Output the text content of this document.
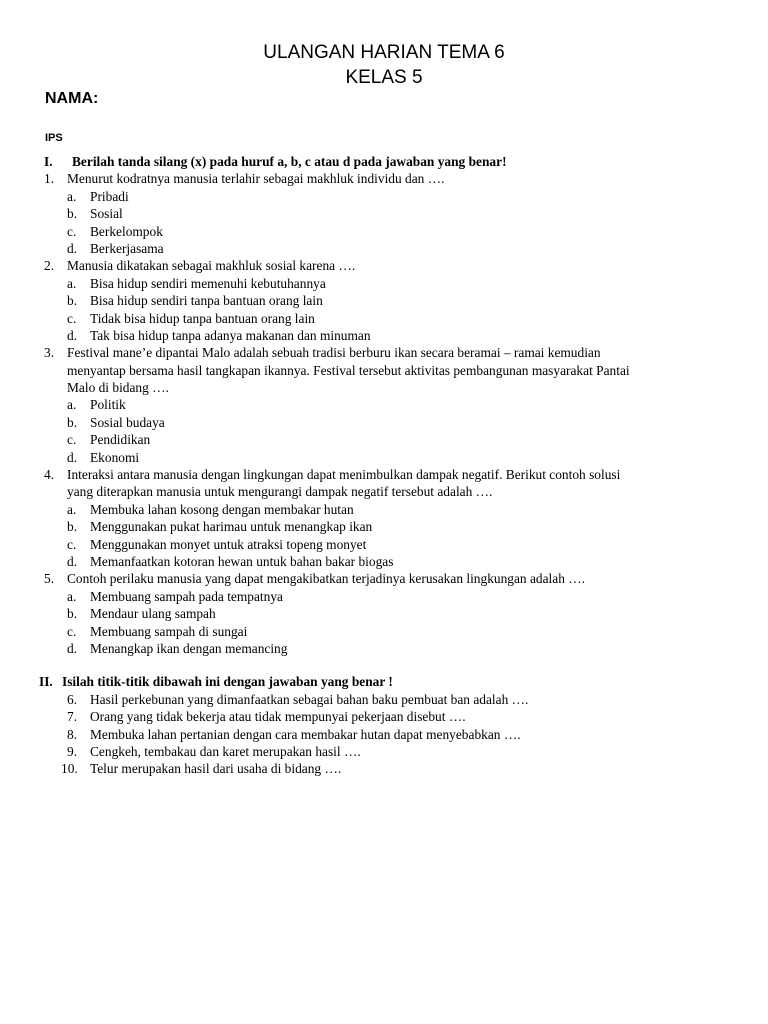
ULANGAN HARIAN TEMA 6
KELAS 5
NAMA:
IPS
I. Berilah tanda silang (x) pada huruf a, b, c atau d pada jawaban yang benar!
1. Menurut kodratnya manusia terlahir sebagai makhluk individu dan ….
a. Pribadi
b. Sosial
c. Berkelompok
d. Berkerjasama
2. Manusia dikatakan sebagai makhluk sosial karena ….
a. Bisa hidup sendiri memenuhi kebutuhannya
b. Bisa hidup sendiri tanpa bantuan orang lain
c. Tidak bisa hidup tanpa bantuan orang lain
d. Tak bisa hidup tanpa adanya makanan dan minuman
3. Festival mane’e dipantai Malo adalah sebuah tradisi berburu ikan secara beramai – ramai kemudian
menyantap bersama hasil tangkapan ikannya. Festival tersebut aktivitas pembangunan masyarakat Pantai
Malo di bidang ….
a. Politik
b. Sosial budaya
c. Pendidikan
d. Ekonomi
4. Interaksi antara manusia dengan lingkungan dapat menimbulkan dampak negatif. Berikut contoh solusi
yang diterapkan manusia untuk mengurangi dampak negatif tersebut adalah ….
a. Membuka lahan kosong dengan membakar hutan
b. Menggunakan pukat harimau untuk menangkap ikan
c. Menggunakan monyet untuk atraksi topeng monyet
d. Memanfaatkan kotoran hewan untuk bahan bakar biogas
5. Contoh perilaku manusia yang dapat mengakibatkan terjadinya kerusakan lingkungan adalah ….
a. Membuang sampah pada tempatnya
b. Mendaur ulang sampah
c. Membuang sampah di sungai
d. Menangkap ikan dengan memancing
II. Isilah titik-titik dibawah ini dengan jawaban yang benar !
6. Hasil perkebunan yang dimanfaatkan sebagai bahan baku pembuat ban adalah ….
7. Orang yang tidak bekerja atau tidak mempunyai pekerjaan disebut ….
8. Membuka lahan pertanian dengan cara membakar hutan dapat menyebabkan ….
9. Cengkeh, tembakau dan karet merupakan hasil ….
10. Telur merupakan hasil dari usaha di bidang ….
